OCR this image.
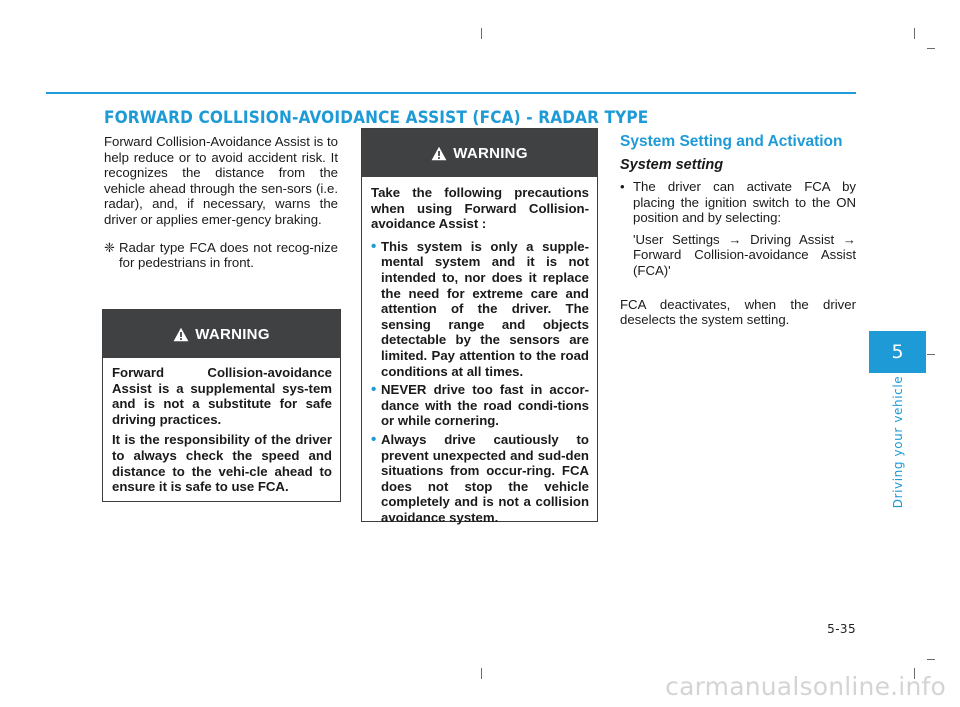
FORWARD COLLISION-AVOIDANCE ASSIST (FCA) - RADAR TYPE

Forward Collision-Avoidance Assist is to help reduce or to avoid accident risk. It recognizes the distance from the vehicle ahead through the sen-sors (i.e. radar), and, if necessary, warns the driver or applies emer-gency braking.

❈ Radar type FCA does not recog-nize for pedestrians in front.
WARNING

Forward Collision-avoidance Assist is a supplemental sys-tem and is not a substitute for safe driving practices.

It is the responsibility of the driver to always check the speed and distance to the vehi-cle ahead to ensure it is safe to use FCA.

WARNING

Take the following precautions when using Forward Collision-avoidance Assist :

• This system is only a supple-mental system and it is not intended to, nor does it replace the need for extreme care and attention of the driver. The sensing range and objects detectable by the sensors are limited. Pay attention to the road conditions at all times.
• NEVER drive too fast in accor-dance with the road condi-tions or while cornering.
• Always drive cautiously to prevent unexpected and sud-den situations from occur-ring. FCA does not stop the vehicle completely and is not a collision avoidance system.
System Setting and Activation
System setting
• The driver can activate FCA by placing the ignition switch to the ON position and by selecting:

'User Settings → Driving Assist → Forward Collision-avoidance Assist (FCA)'

FCA deactivates, when the driver deselects the system setting.

5
Driving your vehicle
5-35
carmanualsonline.info
